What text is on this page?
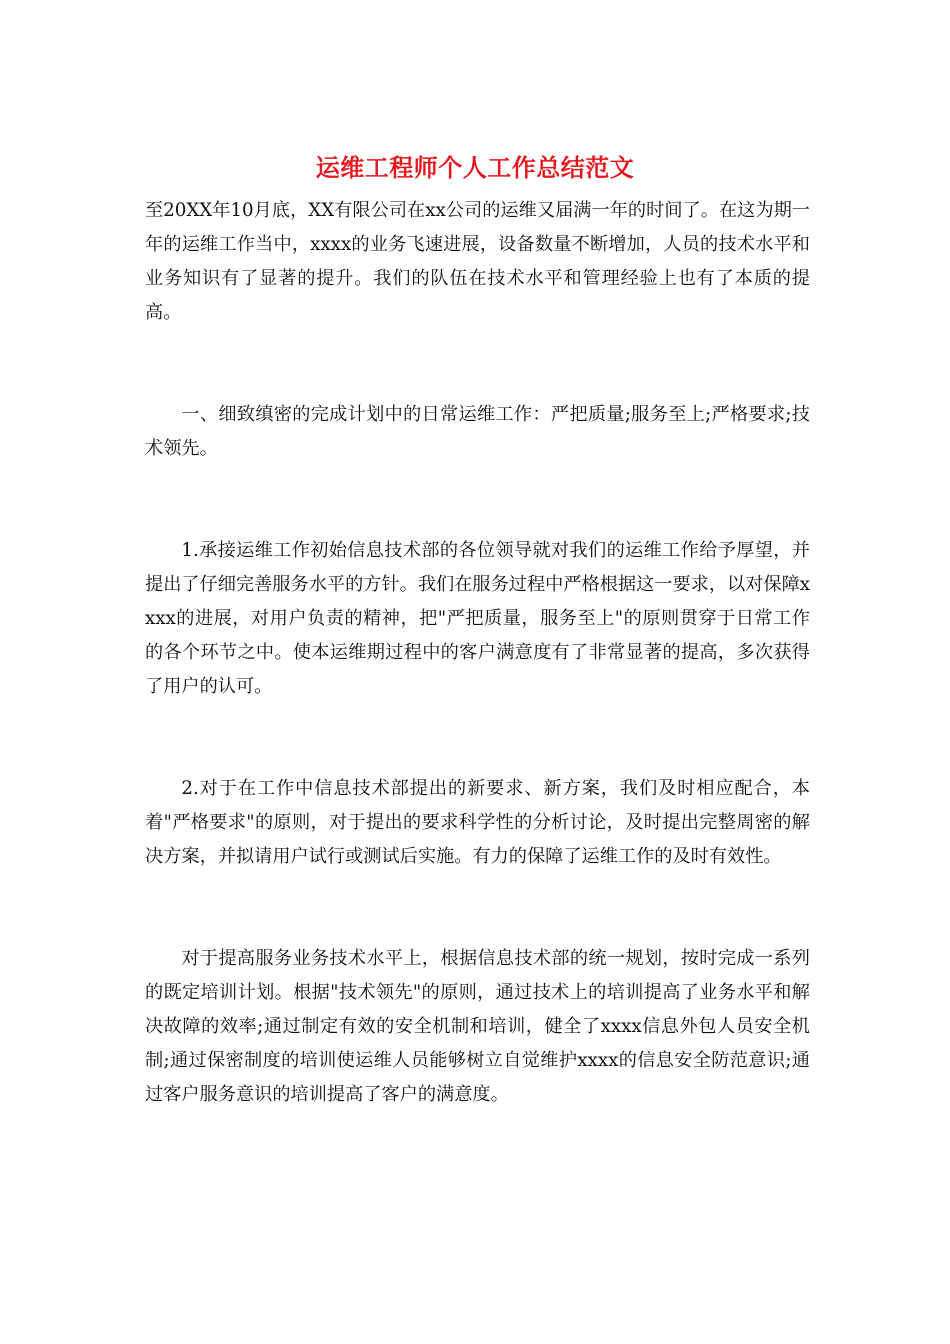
运维工程师个人工作总结范文

至20XX年10月底，XX有限公司在xx公司的运维又届满一年的时间了。在这为期一年的运维工作当中，xxxx的业务飞速进展，设备数量不断增加，人员的技术水平和业务知识有了显著的提升。我们的队伍在技术水平和管理经验上也有了本质的提高。

一、细致缜密的完成计划中的日常运维工作：严把质量;服务至上;严格要求;技术领先。

1.承接运维工作初始信息技术部的各位领导就对我们的运维工作给予厚望，并提出了仔细完善服务水平的方针。我们在服务过程中严格根据这一要求，以对保障xxxx的进展，对用户负责的精神，把"严把质量，服务至上"的原则贯穿于日常工作的各个环节之中。使本运维期过程中的客户满意度有了非常显著的提高，多次获得了用户的认可。

2.对于在工作中信息技术部提出的新要求、新方案，我们及时相应配合，本着"严格要求"的原则，对于提出的要求科学性的分析讨论，及时提出完整周密的解决方案，并拟请用户试行或测试后实施。有力的保障了运维工作的及时有效性。

对于提高服务业务技术水平上，根据信息技术部的统一规划，按时完成一系列的既定培训计划。根据"技术领先"的原则，通过技术上的培训提高了业务水平和解决故障的效率;通过制定有效的安全机制和培训，健全了xxxx信息外包人员安全机制;通过保密制度的培训使运维人员能够树立自觉维护xxxx的信息安全防范意识;通过客户服务意识的培训提高了客户的满意度。
